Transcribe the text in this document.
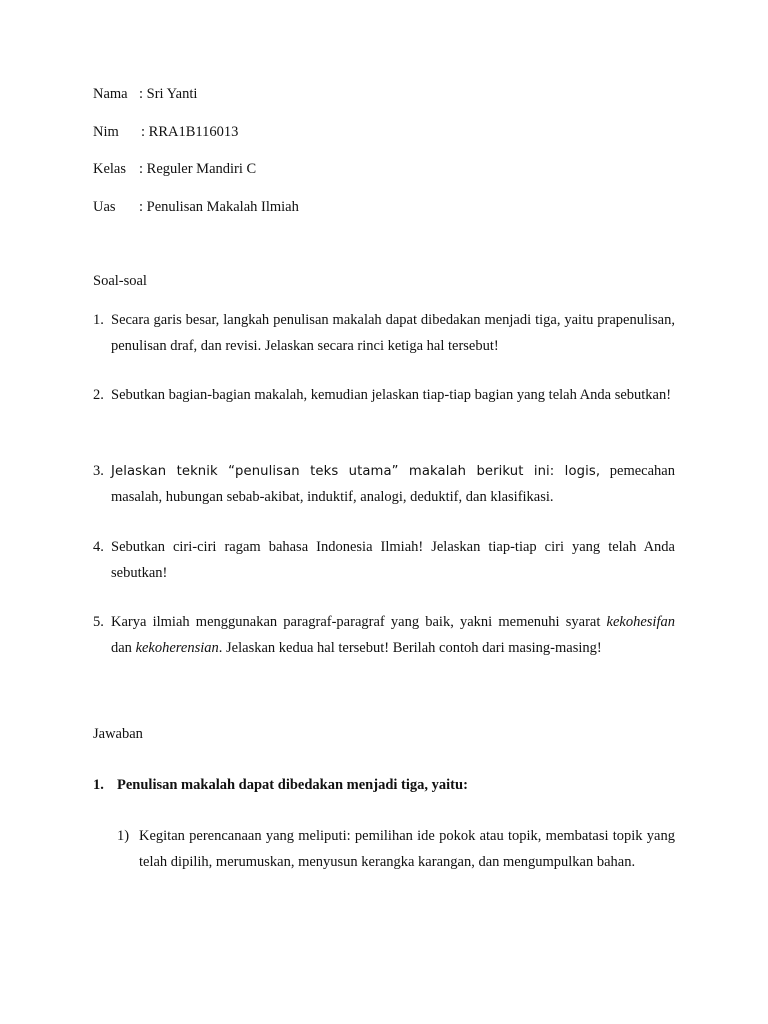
Nama : Sri Yanti
Nim : RRA1B116013
Kelas : Reguler Mandiri C
Uas : Penulisan Makalah Ilmiah
Soal-soal
1. Secara garis besar, langkah penulisan makalah dapat dibedakan menjadi tiga, yaitu prapenulisan, penulisan draf, dan revisi. Jelaskan secara rinci ketiga hal tersebut!
2. Sebutkan bagian-bagian makalah, kemudian jelaskan tiap-tiap bagian yang telah Anda sebutkan!
3. Jelaskan teknik “penulisan teks utama” makalah berikut ini: logis, pemecahan masalah, hubungan sebab-akibat, induktif, analogi, deduktif, dan klasifikasi.
4. Sebutkan ciri-ciri ragam bahasa Indonesia Ilmiah! Jelaskan tiap-tiap ciri yang telah Anda sebutkan!
5. Karya ilmiah menggunakan paragraf-paragraf yang baik, yakni memenuhi syarat kekohesifan dan kekoherensian. Jelaskan kedua hal tersebut! Berilah contoh dari masing-masing!
Jawaban
1. Penulisan makalah dapat dibedakan menjadi tiga, yaitu:
1) Kegitan perencanaan yang meliputi: pemilihan ide pokok atau topik, membatasi topik yang telah dipilih, merumuskan, menyusun kerangka karangan, dan mengumpulkan bahan.
